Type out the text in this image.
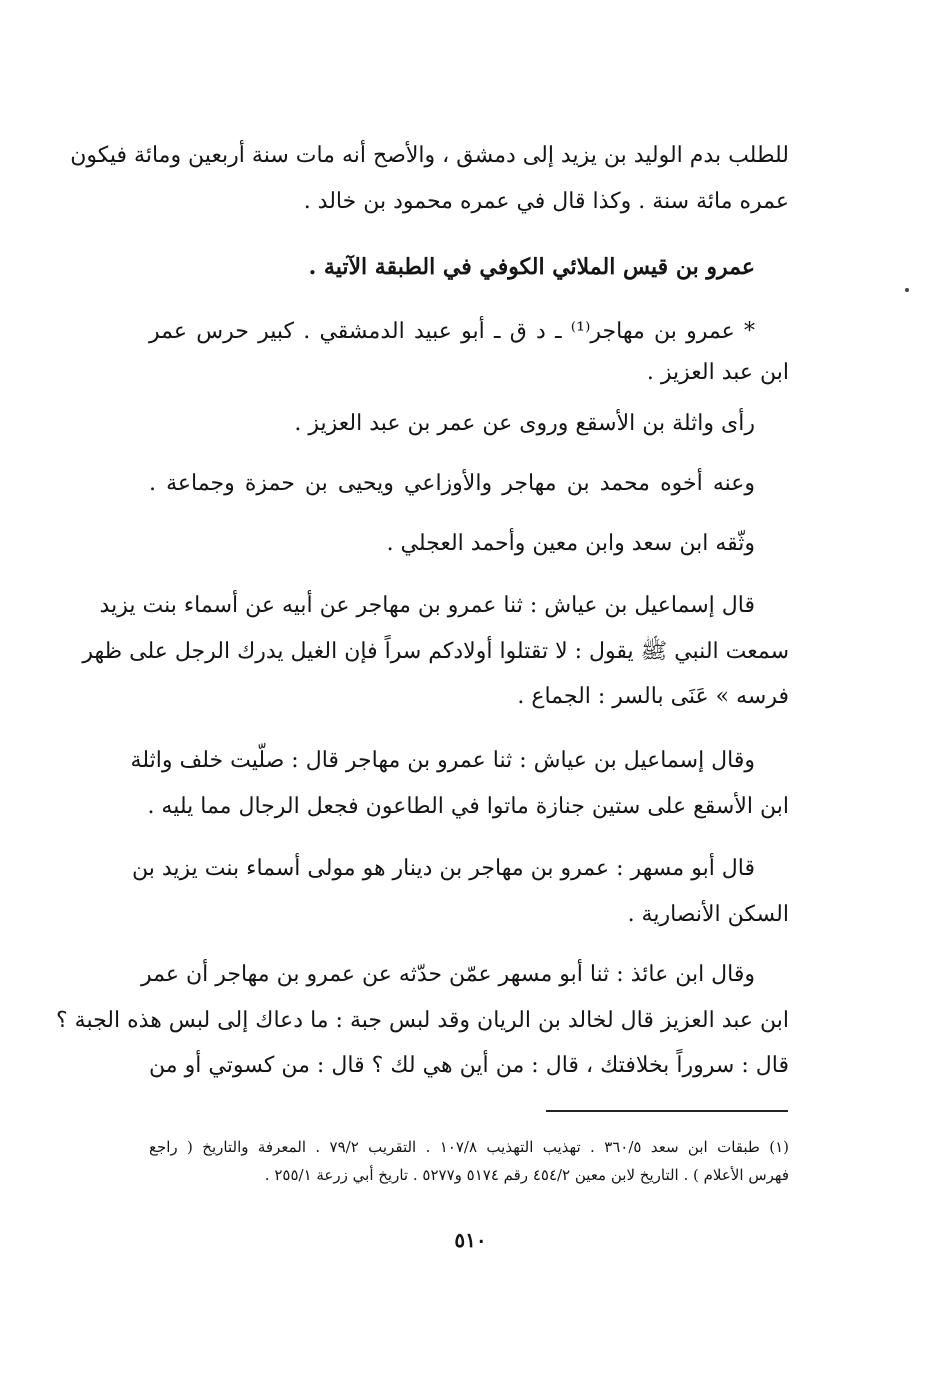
للطلب بدم الوليد بن يزيد إلى دمشق ، والأصح أنه مات سنة أربعين ومائة فيكون
عمره مائة سنة . وكذا قال في عمره محمود بن خالد .
عمرو بن قيس الملائي الكوفي في الطبقة الآتية .
* عمرو بن مهاجر⁽¹⁾ ـ د ق ـ أبو عبيد الدمشقي . كبير حرس عمر
ابن عبد العزيز .
رأى واثلة بن الأسقع وروى عن عمر بن عبد العزيز .
وعنه أخوه محمد بن مهاجر والأوزاعي ويحيى بن حمزة وجماعة .
وثّقه ابن سعد وابن معين وأحمد العجلي .
قال إسماعيل بن عياش : ثنا عمرو بن مهاجر عن أبيه عن أسماء بنت يزيد
سمعت النبي ﷺ يقول : لا تقتلوا أولادكم سراً فإن الغيل يدرك الرجل على ظهر
فرسه » عَنَى بالسر : الجماع .
وقال إسماعيل بن عياش : ثنا عمرو بن مهاجر قال : صلّيت خلف واثلة
ابن الأسقع على ستين جنازة ماتوا في الطاعون فجعل الرجال مما يليه .
قال أبو مسهر : عمرو بن مهاجر بن دينار هو مولى أسماء بنت يزيد بن
السكن الأنصارية .
وقال ابن عائذ : ثنا أبو مسهر عمّن حدّثه عن عمرو بن مهاجر أن عمر
ابن عبد العزيز قال لخالد بن الريان وقد لبس جبة : ما دعاك إلى لبس هذه الجبة ؟
قال : سروراً بخلافتك ، قال : من أين هي لك ؟ قال : من كسوتي أو من
(١) طبقات ابن سعد ٣٦٠/٥ . تهذيب التهذيب ١٠٧/٨ . التقريب ٧٩/٢ . المعرفة والتاريخ ( راجع
فهرس الأعلام ) . التاريخ لابن معين ٤٥٤/٢ رقم ٥١٧٤ و٥٢٧٧ . تاريخ أبي زرعة ٢٥٥/١ .
٥١٠
